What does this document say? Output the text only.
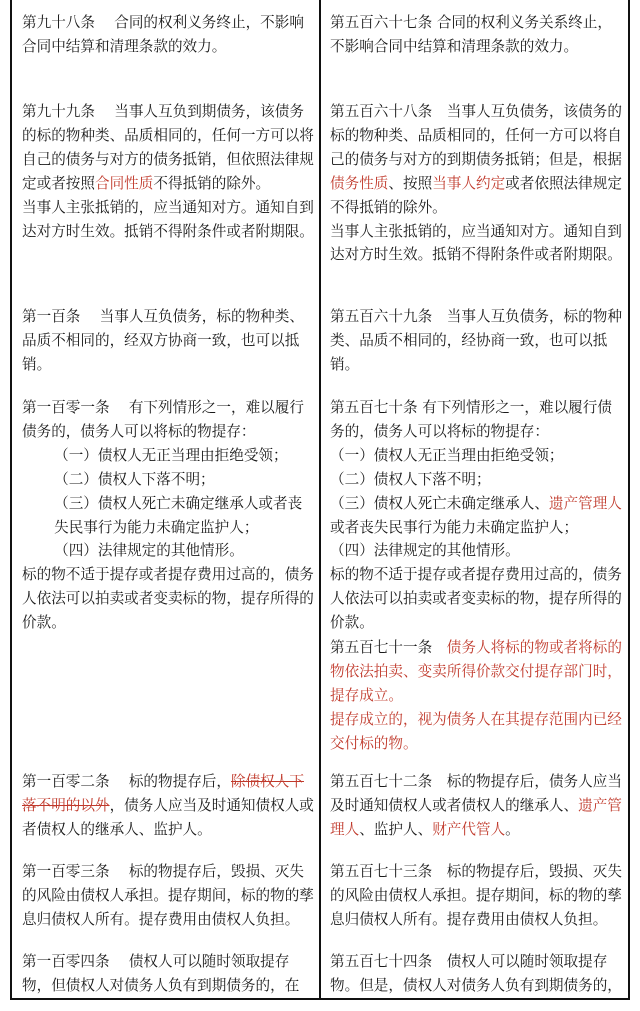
第九十八条　 合同的权利义务终止，不影响合同中结算和清理条款的效力。

第九十九条　 当事人互负到期债务，该债务的标的物种类、品质相同的，任何一方可以将自己的债务与对方的债务抵销，但依照法律规定或者按照合同性质不得抵销的除外。
当事人主张抵销的，应当通知对方。通知自到达对方时生效。抵销不得附条件或者附期限。

第一百条　 当事人互负债务，标的物种类、品质不相同的，经双方协商一致，也可以抵销。

第一百零一条　 有下列情形之一，难以履行债务的，债务人可以将标的物提存：
（一）债权人无正当理由拒绝受领；
（二）债权人下落不明；
（三）债权人死亡未确定继承人或者丧失民事行为能力未确定监护人；
（四）法律规定的其他情形。
标的物不适于提存或者提存费用过高的，债务人依法可以拍卖或者变卖标的物，提存所得的价款。

第一百零二条　 标的物提存后，除债权人下落不明的以外，债务人应当及时通知债权人或者债权人的继承人、监护人。

第一百零三条　 标的物提存后，毁损、灭失的风险由债权人承担。提存期间，标的物的孳息归债权人所有。提存费用由债权人负担。

第一百零四条　 债权人可以随时领取提存物，但债权人对债务人负有到期债务的，在

第五百六十七条 合同的权利义务关系终止，不影响合同中结算和清理条款的效力。

第五百六十八条　 当事人互负债务，该债务的标的物种类、品质相同的，任何一方可以将自己的债务与对方的到期债务抵销；但是，根据债务性质、按照当事人约定或者依照法律规定不得抵销的除外。
当事人主张抵销的，应当通知对方。通知自到达对方时生效。抵销不得附条件或者附期限。

第五百六十九条　 当事人互负债务，标的物种类、品质不相同的，经协商一致，也可以抵销。

第五百七十条 有下列情形之一，难以履行债务的，债务人可以将标的物提存：
（一）债权人无正当理由拒绝受领；
（二）债权人下落不明；
（三）债权人死亡未确定继承人、遗产管理人或者丧失民事行为能力未确定监护人；
（四）法律规定的其他情形。
标的物不适于提存或者提存费用过高的，债务人依法可以拍卖或者变卖标的物，提存所得的价款。

第五百七十一条　 债务人将标的物或者将标的物依法拍卖、变卖所得价款交付提存部门时，提存成立。
提存成立的，视为债务人在其提存范围内已经交付标的物。

第五百七十二条　 标的物提存后，债务人应当及时通知债权人或者债权人的继承人、遗产管理人、监护人、财产代管人。

第五百七十三条　 标的物提存后，毁损、灭失的风险由债权人承担。提存期间，标的物的孳息归债权人所有。提存费用由债权人负担。

第五百七十四条　 债权人可以随时领取提存物。但是，债权人对债务人负有到期债务的，
